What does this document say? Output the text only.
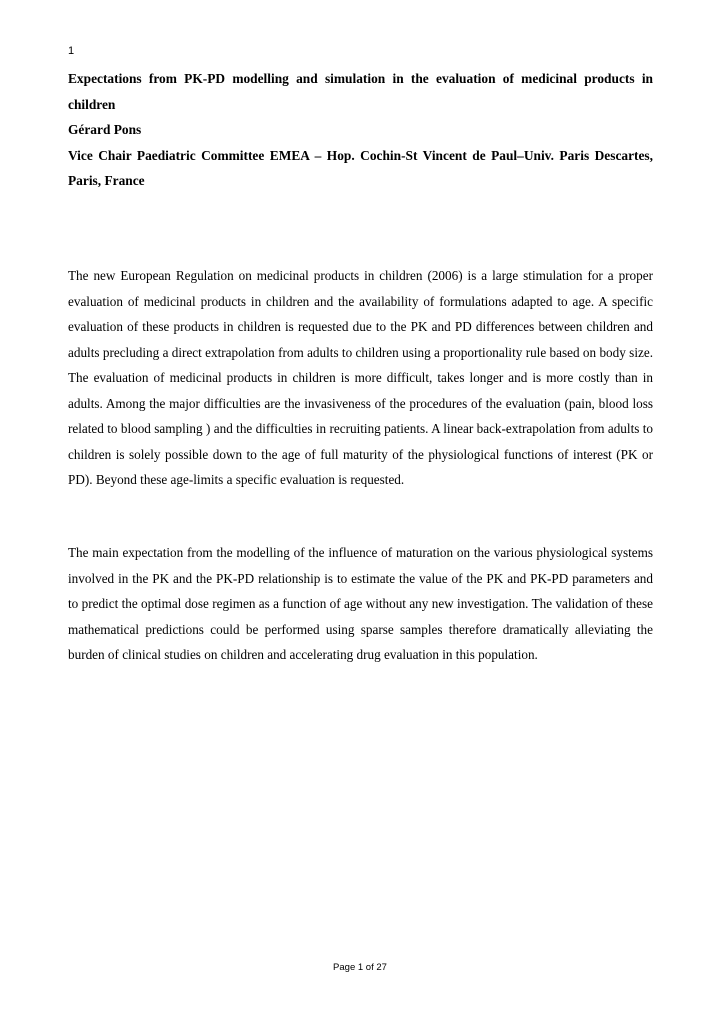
1
Expectations from PK-PD modelling and simulation in the evaluation of medicinal products in children
Gérard Pons
Vice Chair Paediatric Committee EMEA – Hop. Cochin-St Vincent de Paul–Univ. Paris Descartes, Paris, France
The new European Regulation on medicinal products in children (2006) is a large stimulation for a proper evaluation of medicinal products in children and the availability of formulations adapted to age. A specific evaluation of these products in children is requested due to the PK and PD differences between children and adults precluding a direct extrapolation from adults to children using a proportionality rule based on body size. The evaluation of medicinal products in children is more difficult, takes longer and is more costly than in adults. Among the major difficulties are the invasiveness of the procedures of the evaluation (pain, blood loss related to blood sampling ) and the difficulties in recruiting patients. A linear back-extrapolation from adults to children is solely possible down to the age of full maturity of the physiological functions of interest (PK or PD). Beyond these age-limits a specific evaluation is requested.
The main expectation from the modelling of the influence of maturation on the various physiological systems involved in the PK and the PK-PD relationship is to estimate the value of the PK and PK-PD parameters and to predict the optimal dose regimen as a function of age without any new investigation. The validation of these mathematical predictions could be performed using sparse samples therefore dramatically alleviating the burden of clinical studies on children and accelerating drug evaluation in this population.
Page 1 of 27
